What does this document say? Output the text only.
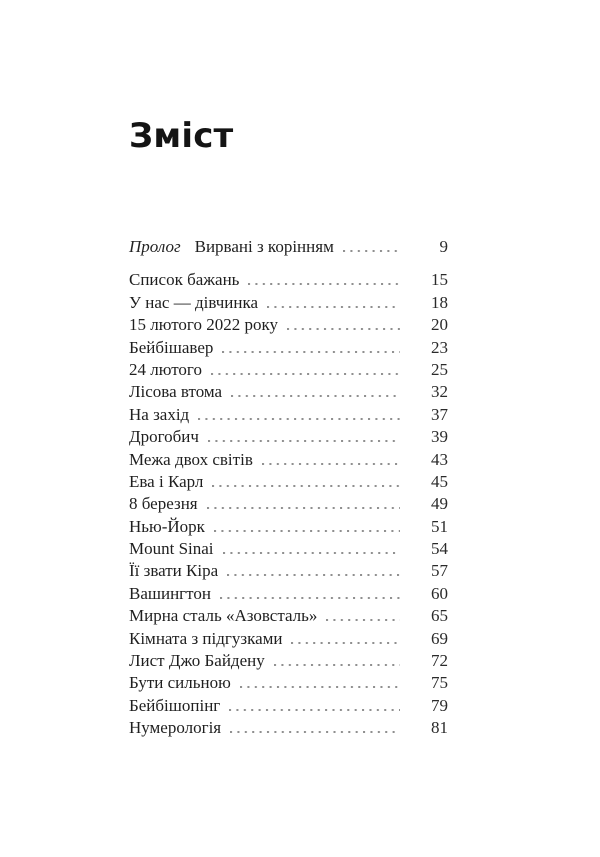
Зміст
Пролог Вирвані з корінням	9
Список бажань	15
У нас — дівчинка	18
15 лютого 2022 року	20
Бейбішавер	23
24 лютого	25
Лісова втома	32
На захід	37
Дрогобич	39
Межа двох світів	43
Ева і Карл	45
8 березня	49
Нью-Йорк	51
Mount Sinai	54
Її звати Кіра	57
Вашингтон	60
Мирна сталь «Азовсталь»	65
Кімната з підгузками	69
Лист Джо Байдену	72
Бути сильною	75
Бейбішопінг	79
Нумерологія	81
